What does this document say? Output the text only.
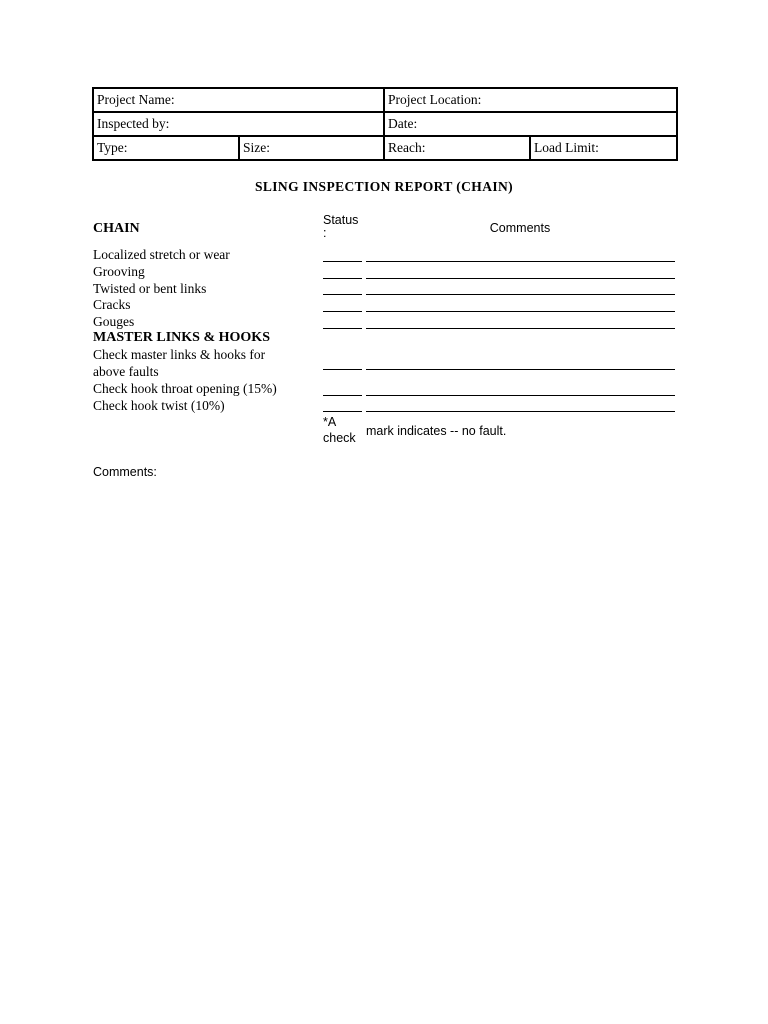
Project Name:		Project Location:	
Inspected by:		Date:	
Type:	Size:	Reach:	Load Limit:
SLING INSPECTION REPORT (CHAIN)
Status
:	Comments
CHAIN
Localized stretch or wear
Grooving
Twisted or bent links
Cracks
Gouges
MASTER LINKS & HOOKS
Check master links & hooks for
above faults
Check hook throat opening (15%)
Check hook twist (10%)
*A
check mark indicates -- no fault.
Comments:
